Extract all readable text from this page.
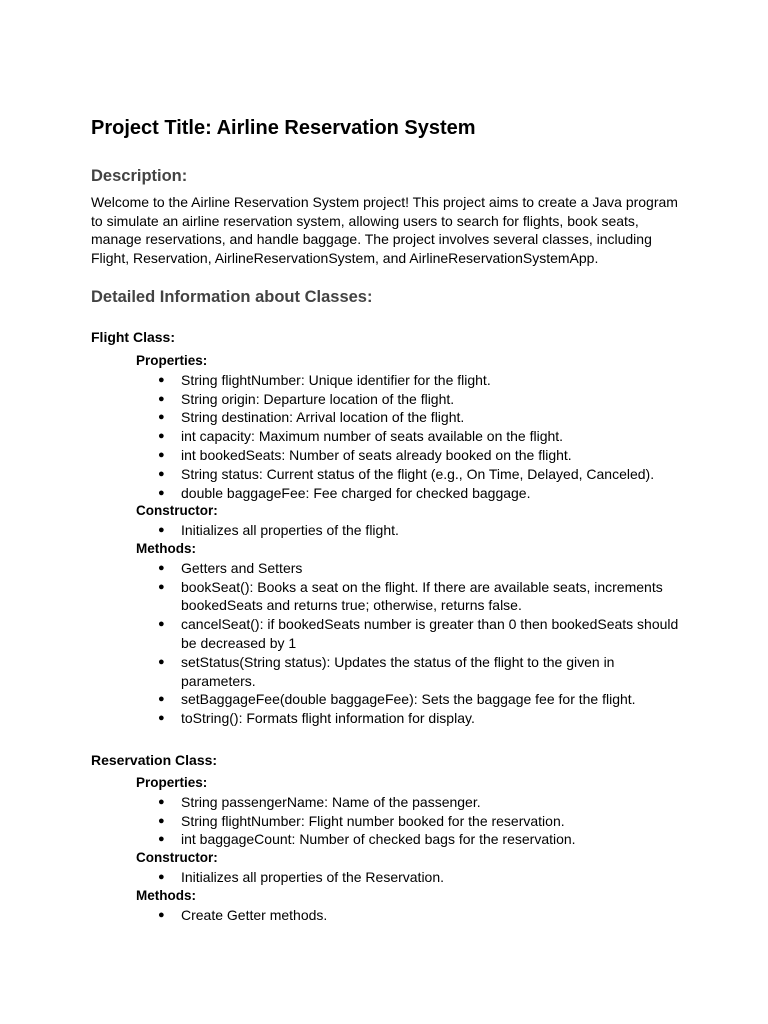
Project Title: Airline Reservation System
Description:

Welcome to the Airline Reservation System project! This project aims to create a Java program to simulate an airline reservation system, allowing users to search for flights, book seats, manage reservations, and handle baggage. The project involves several classes, including Flight, Reservation, AirlineReservationSystem, and AirlineReservationSystemApp.

Detailed Information about Classes:
Flight Class:
Properties:
● String flightNumber: Unique identifier for the flight.
● String origin: Departure location of the flight.
● String destination: Arrival location of the flight.
● int capacity: Maximum number of seats available on the flight.
● int bookedSeats: Number of seats already booked on the flight.
● String status: Current status of the flight (e.g., On Time, Delayed, Canceled).
● double baggageFee: Fee charged for checked baggage.
Constructor:
● Initializes all properties of the flight.
Methods:
● Getters and Setters
● bookSeat(): Books a seat on the flight. If there are available seats, increments bookedSeats and returns true; otherwise, returns false.
● cancelSeat(): if bookedSeats number is greater than 0 then bookedSeats should be decreased by 1
● setStatus(String status): Updates the status of the flight to the given in parameters.
● setBaggageFee(double baggageFee): Sets the baggage fee for the flight.
● toString(): Formats flight information for display.
Reservation Class:
Properties:
● String passengerName: Name of the passenger.
● String flightNumber: Flight number booked for the reservation.
● int baggageCount: Number of checked bags for the reservation.
Constructor:
● Initializes all properties of the Reservation.
Methods:
● Create Getter methods.
